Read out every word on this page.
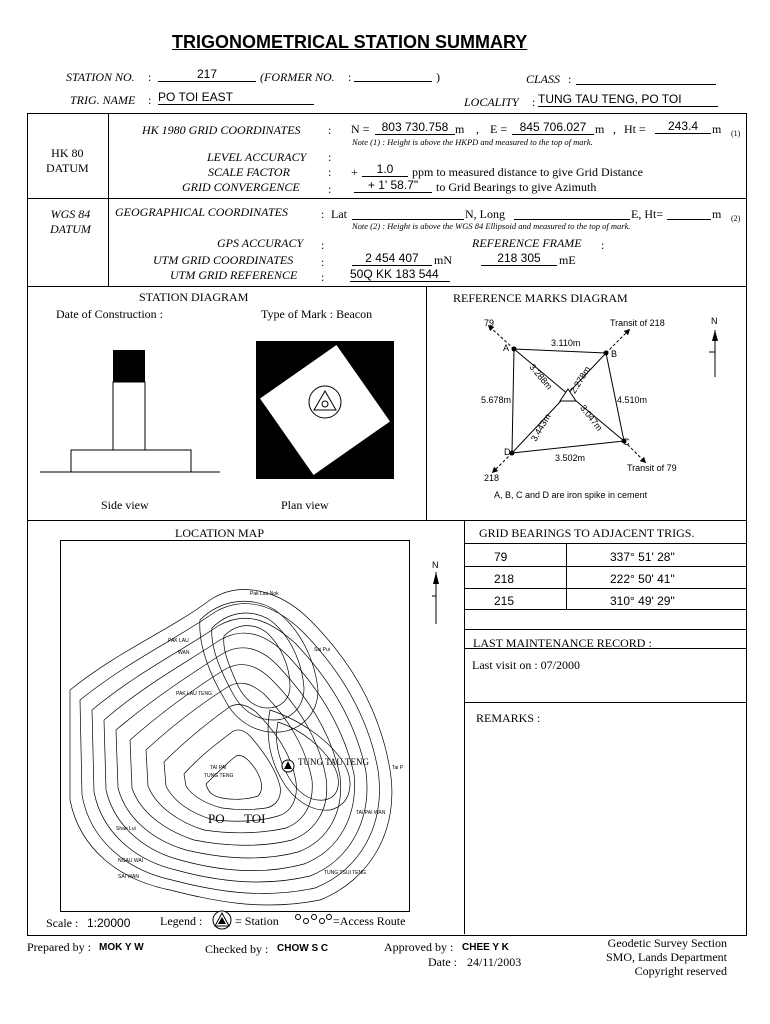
TRIGONOMETRICAL STATION SUMMARY
STATION NO. :	217	(FORMER NO. :	)	CLASS :
TRIG. NAME : PO TOI EAST	LOCALITY : TUNG TAU TENG, PO TOI
HK 80
DATUM
HK 1980 GRID COORDINATES : N =	803 730.758 m , E =	845 706.027 m , Ht =	243.4	m (1)
Note (1) : Height is above the HKPD and measured to the top of mark.
LEVEL ACCURACY :
SCALE FACTOR	: +	1.0	ppm to measured distance to give Grid Distance
GRID CONVERGENCE :	+ 1' 58.7"	to Grid Bearings to give Azimuth
WGS 84
DATUM
GEOGRAPHICAL COORDINATES	: Lat	N, Long	E, Ht=	m (2)
Note (2) : Height is above the WGS 84 Ellipsoid and measured to the top of mark.
GPS ACCURACY :	REFERENCE FRAME :
UTM GRID COORDINATES :	2 454 407	mN	218 305	mE
UTM GRID REFERENCE : 50Q KK 183 544
STATION DIAGRAM
Date of Construction :	Type of Mark : Beacon
Side view	Plan view
REFERENCE MARKS DIAGRAM
N
79	Transit of 218
A
B
C
D
3.110m
5.678m	4.510m
3.502m
3.288m 2.278m
3.443m	3.047m
Transit of 79
218
A, B, C and D are iron spike in cement
LOCATION MAP
N
TUNG TAU TENG
PO TOI
Pak Lau Nok
PAK LAU
WAN	Sai Pui
PAK LAU TENG
TAI PAI
TUNG TENG
Tai P
TAI PAI WAN
Shan Lui
NGAU WAI
TUNG TSUI TENG
SAI WAN
Scale : 1:20000 Legend :	= Station	=Access Route
GRID BEARINGS TO ADJACENT TRIGS.
79	337° 51' 28"
218	222° 50' 41"
215	310° 49' 29"
LAST MAINTENANCE RECORD :
Last visit on : 07/2000
REMARKS :
Prepared by : MOK Y W	Checked by : CHOW S C	Approved by : CHEE Y K
Date : 24/11/2003
Geodetic Survey Section
SMO, Lands Department
Copyright reserved
